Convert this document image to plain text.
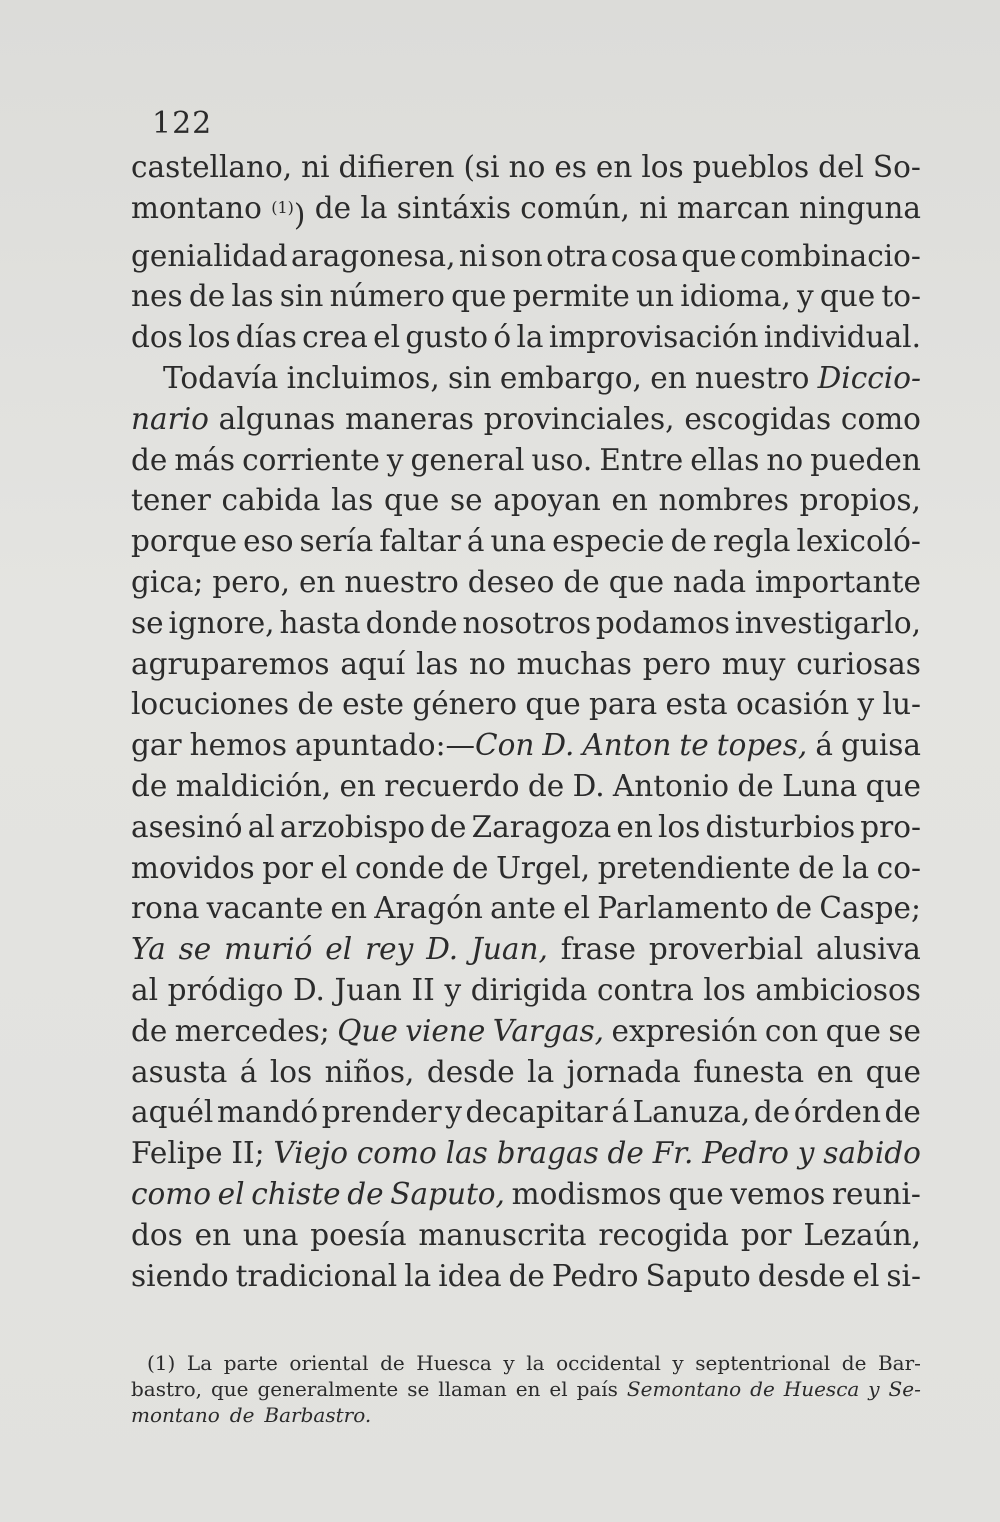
122
castellano, ni difieren (si no es en los pueblos del So-
montano $^{(1)}$) de la sintáxis común, ni marcan ninguna
genialidad aragonesa, ni son otra cosa que combinacio-
nes de las sin número que permite un idioma, y que to-
dos los días crea el gusto ó la improvisación individual.
Todavía incluimos, sin embargo, en nuestro Diccio-
nario algunas maneras provinciales, escogidas como
de más corriente y general uso. Entre ellas no pueden
tener cabida las que se apoyan en nombres propios,
porque eso sería faltar á una especie de regla lexicoló-
gica; pero, en nuestro deseo de que nada importante
se ignore, hasta donde nosotros podamos investigarlo,
agruparemos aquí las no muchas pero muy curiosas
locuciones de este género que para esta ocasión y lu-
gar hemos apuntado:—Con D. Anton te topes, á guisa
de maldición, en recuerdo de D. Antonio de Luna que
asesinó al arzobispo de Zaragoza en los disturbios pro-
movidos por el conde de Urgel, pretendiente de la co-
rona vacante en Aragón ante el Parlamento de Caspe;
Ya se murió el rey D. Juan, frase proverbial alusiva
al pródigo D. Juan II y dirigida contra los ambiciosos
de mercedes; Que viene Vargas, expresión con que se
asusta á los niños, desde la jornada funesta en que
aquél mandó prender y decapitar á Lanuza, de órden de
Felipe II; Viejo como las bragas de Fr. Pedro y sabido
como el chiste de Saputo, modismos que vemos reuni-
dos en una poesía manuscrita recogida por Lezaún,
siendo tradicional la idea de Pedro Saputo desde el si-
(1) La parte oriental de Huesca y la occidental y septentrional de Bar-
bastro, que generalmente se llaman en el país Semontano de Huesca y Se-
montano de Barbastro.
